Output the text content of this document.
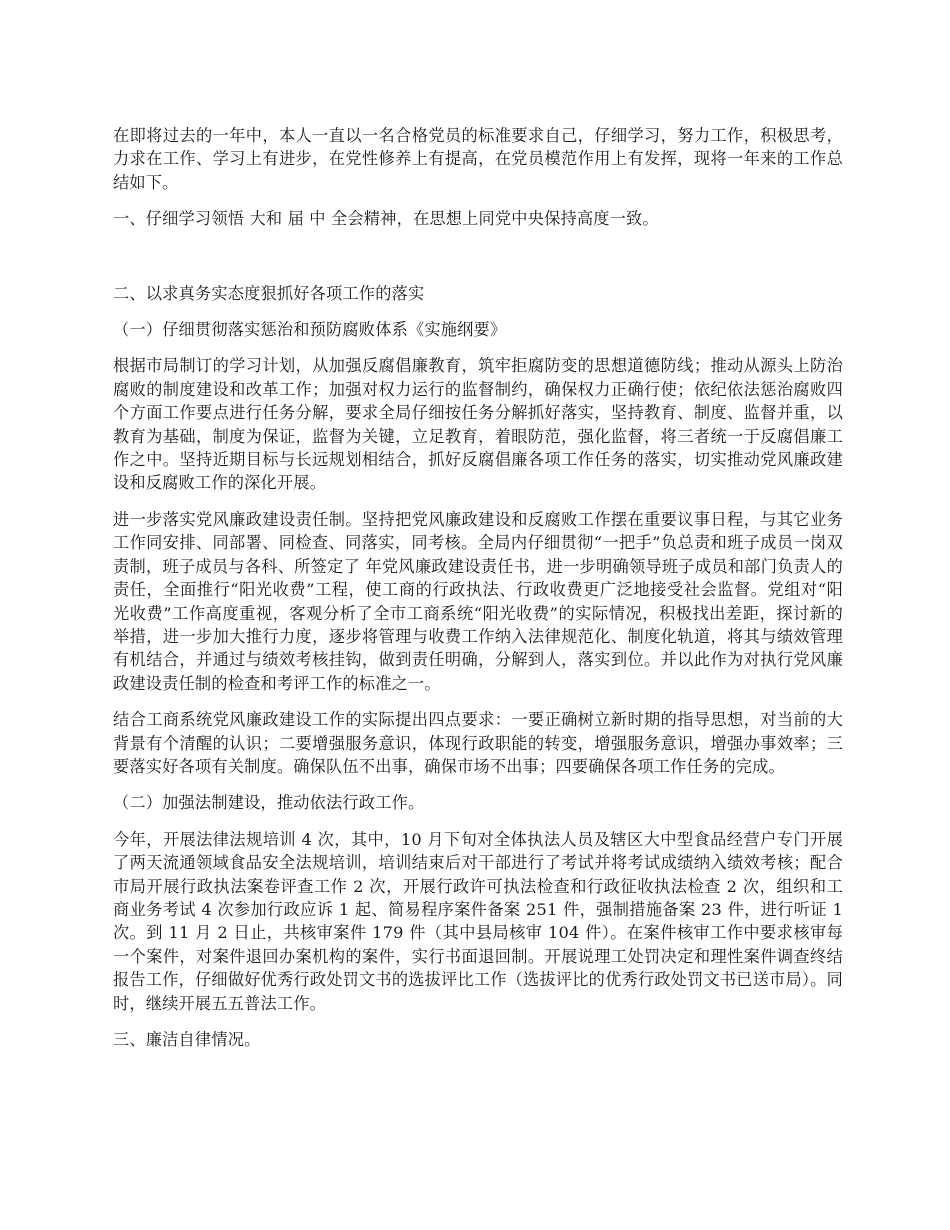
在即将过去的一年中，本人一直以一名合格党员的标准要求自己，仔细学习，努力工作，积极思考，力求在工作、学习上有进步，在党性修养上有提高，在党员模范作用上有发挥，现将一年来的工作总结如下。

一、仔细学习领悟 大和 届 中 全会精神，在思想上同党中央保持高度一致。

二、以求真务实态度狠抓好各项工作的落实

（一）仔细贯彻落实惩治和预防腐败体系《实施纲要》

根据市局制订的学习计划，从加强反腐倡廉教育，筑牢拒腐防变的思想道德防线；推动从源头上防治腐败的制度建设和改革工作；加强对权力运行的监督制约，确保权力正确行使；依纪依法惩治腐败四个方面工作要点进行任务分解，要求全局仔细按任务分解抓好落实，坚持教育、制度、监督并重，以教育为基础，制度为保证，监督为关键，立足教育，着眼防范，强化监督，将三者统一于反腐倡廉工作之中。坚持近期目标与长远规划相结合，抓好反腐倡廉各项工作任务的落实，切实推动党风廉政建设和反腐败工作的深化开展。

进一步落实党风廉政建设责任制。坚持把党风廉政建设和反腐败工作摆在重要议事日程，与其它业务工作同安排、同部署、同检查、同落实，同考核。全局内仔细贯彻“一把手”负总责和班子成员一岗双责制，班子成员与各科、所签定了 年党风廉政建设责任书，进一步明确领导班子成员和部门负责人的责任，全面推行“阳光收费”工程，使工商的行政执法、行政收费更广泛地接受社会监督。党组对“阳光收费”工作高度重视，客观分析了全市工商系统“阳光收费”的实际情况，积极找出差距，探讨新的举措，进一步加大推行力度，逐步将管理与收费工作纳入法律规范化、制度化轨道，将其与绩效管理有机结合，并通过与绩效考核挂钩，做到责任明确，分解到人，落实到位。并以此作为对执行党风廉政建设责任制的检查和考评工作的标准之一。

结合工商系统党风廉政建设工作的实际提出四点要求：一要正确树立新时期的指导思想，对当前的大背景有个清醒的认识；二要增强服务意识，体现行政职能的转变，增强服务意识，增强办事效率；三要落实好各项有关制度。确保队伍不出事，确保市场不出事；四要确保各项工作任务的完成。

（二）加强法制建设，推动依法行政工作。

今年，开展法律法规培训 4 次，其中，10 月下旬对全体执法人员及辖区大中型食品经营户专门开展了两天流通领域食品安全法规培训，培训结束后对干部进行了考试并将考试成绩纳入绩效考核；配合市局开展行政执法案卷评查工作 2 次，开展行政许可执法检查和行政征收执法检查 2 次，组织和工商业务考试 4 次参加行政应诉 1 起、简易程序案件备案 251 件，强制措施备案 23 件，进行听证 1 次。到 11 月 2 日止，共核审案件 179 件（其中县局核审 104 件）。在案件核审工作中要求核审每一个案件，对案件退回办案机构的案件，实行书面退回制。开展说理工处罚决定和理性案件调查终结报告工作，仔细做好优秀行政处罚文书的选拔评比工作（选拔评比的优秀行政处罚文书已送市局）。同时，继续开展五五普法工作。

三、廉洁自律情况。
